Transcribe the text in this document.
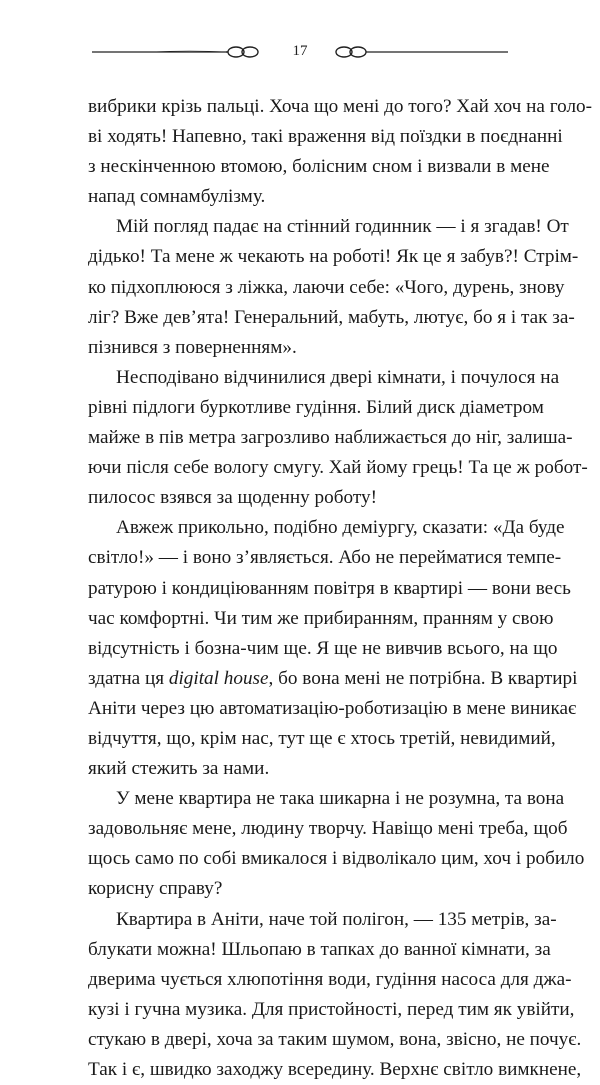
17
вибрики крізь пальці. Хоча що мені до того? Хай хоч на голо-
ві ходять! Напевно, такі враження від поїздки в поєднанні
з нескінченною втомою, болісним сном і визвали в мене
напад сомнамбулізму.
Мій погляд падає на стінний годинник — і я згадав! От
дідько! Та мене ж чекають на роботі! Як це я забув?! Стрім-
ко підхоплююся з ліжка, лаючи себе: «Чого, дурень, знову
ліг? Вже дев’ята! Генеральний, мабуть, лютує, бо я і так за-
пізнився з поверненням».
Несподівано відчинилися двері кімнати, і почулося на
рівні підлоги буркотливе гудіння. Білий диск діаметром
майже в пів метра загрозливо наближається до ніг, залиша-
ючи після себе вологу смугу. Хай йому грець! Та це ж робот-
пилосос взявся за щоденну роботу!
Авжеж прикольно, подібно деміургу, сказати: «Да буде
світло!» — і воно з’являється. Або не перейматися темпе-
ратурою і кондиціюванням повітря в квартирі — вони весь
час комфортні. Чи тим же прибиранням, пранням у свою
відсутність і бозна-чим ще. Я ще не вивчив всього, на що
здатна ця digital house, бо вона мені не потрібна. В квартирі
Аніти через цю автоматизацію-роботизацію в мене виникає
відчуття, що, крім нас, тут ще є хтось третій, невидимий,
який стежить за нами.
У мене квартира не така шикарна і не розумна, та вона
задовольняє мене, людину творчу. Навіщо мені треба, щоб
щось само по собі вмикалося і відволікало цим, хоч і робило
корисну справу?
Квартира в Аніти, наче той полігон, — 135 метрів, за-
блукати можна! Шльопаю в тапках до ванної кімнати, за
дверима чується хлюпотіння води, гудіння насоса для джа-
кузі і гучна музика. Для пристойності, перед тим як увійти,
стукаю в двері, хоча за таким шумом, вона, звісно, не почує.
Так і є, швидко заходжу всередину. Верхнє світло вимкнене,
